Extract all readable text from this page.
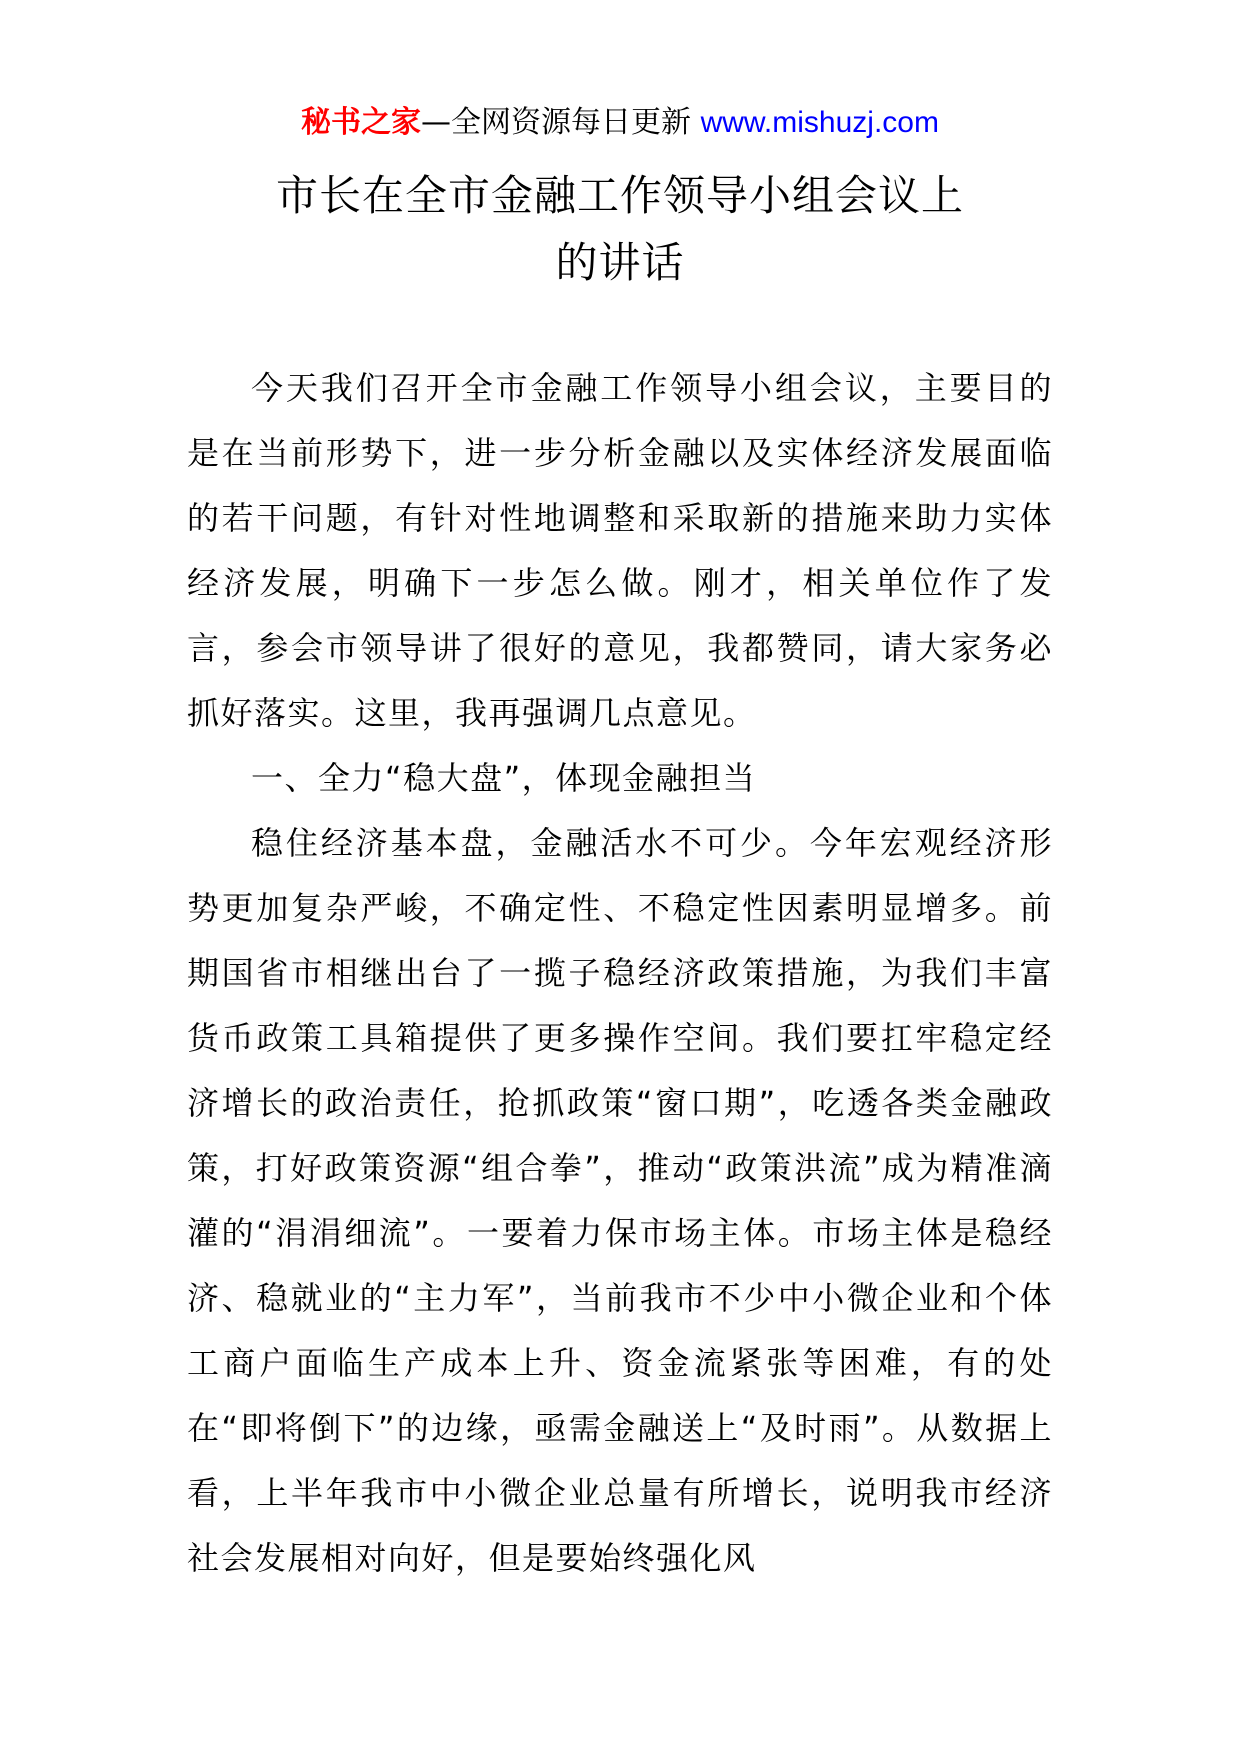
秘书之家—全网资源每日更新 www.mishuzj.com
市长在全市金融工作领导小组会议上
的讲话

今天我们召开全市金融工作领导小组会议，主要目的是在当前形势下，进一步分析金融以及实体经济发展面临的若干问题，有针对性地调整和采取新的措施来助力实体经济发展，明确下一步怎么做。刚才，相关单位作了发言，参会市领导讲了很好的意见，我都赞同，请大家务必抓好落实。这里，我再强调几点意见。

一、全力“稳大盘”，体现金融担当

稳住经济基本盘，金融活水不可少。今年宏观经济形势更加复杂严峻，不确定性、不稳定性因素明显增多。前期国省市相继出台了一揽子稳经济政策措施，为我们丰富货币政策工具箱提供了更多操作空间。我们要扛牢稳定经济增长的政治责任，抢抓政策“窗口期”，吃透各类金融政策，打好政策资源“组合拳”，推动“政策洪流”成为精准滴灌的“涓涓细流”。一要着力保市场主体。市场主体是稳经济、稳就业的“主力军”，当前我市不少中小微企业和个体工商户面临生产成本上升、资金流紧张等困难，有的处在“即将倒下”的边缘，亟需金融送上“及时雨”。从数据上看，上半年我市中小微企业总量有所增长，说明我市经济社会发展相对向好，但是要始终强化风
